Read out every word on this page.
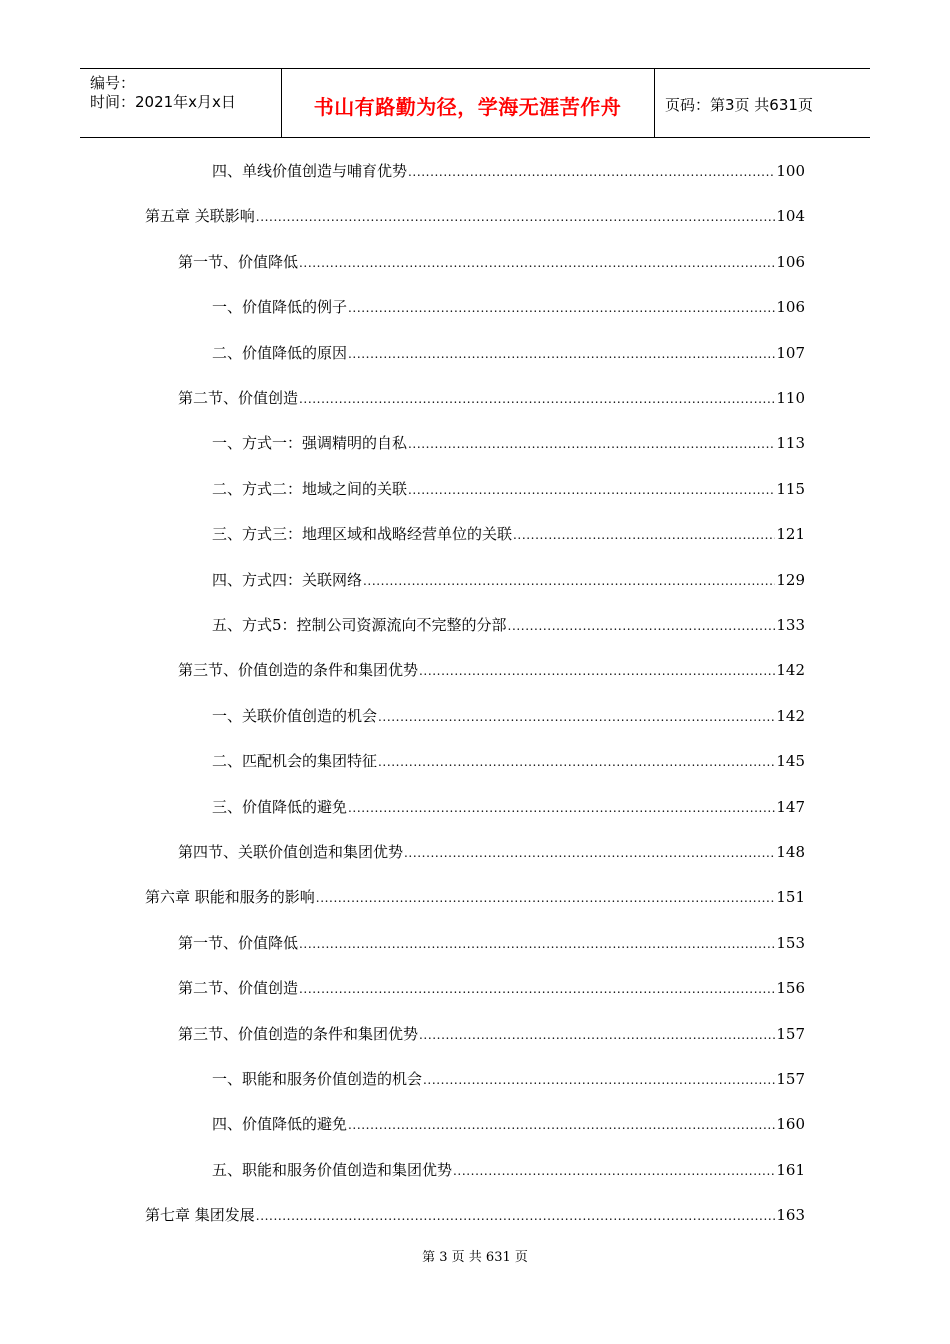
编号：
时间：2021年x月x日	书山有路勤为径，学海无涯苦作舟	页码：第3页 共631页
四、单线价值创造与哺育优势 .....	100
第五章 关联影响 .....	104
第一节、价值降低 .....	106
一、价值降低的例子 .....	106
二、价值降低的原因 .....	107
第二节、价值创造 .....	110
一、方式一：强调精明的自私 .....	113
二、方式二：地域之间的关联 .....	115
三、方式三：地理区域和战略经营单位的关联 .....	121
四、方式四：关联网络 .....	129
五、方式5：控制公司资源流向不完整的分部 .....	133
第三节、价值创造的条件和集团优势 .....	142
一、关联价值创造的机会 .....	142
二、匹配机会的集团特征 .....	145
三、价值降低的避免 .....	147
第四节、关联价值创造和集团优势 .....	148
第六章 职能和服务的影响 .....	151
第一节、价值降低 .....	153
第二节、价值创造 .....	156
第三节、价值创造的条件和集团优势 .....	157
一、职能和服务价值创造的机会 .....	157
四、价值降低的避免 .....	160
五、职能和服务价值创造和集团优势 .....	161
第七章 集团发展 .....	163
第 3 页 共 631 页
